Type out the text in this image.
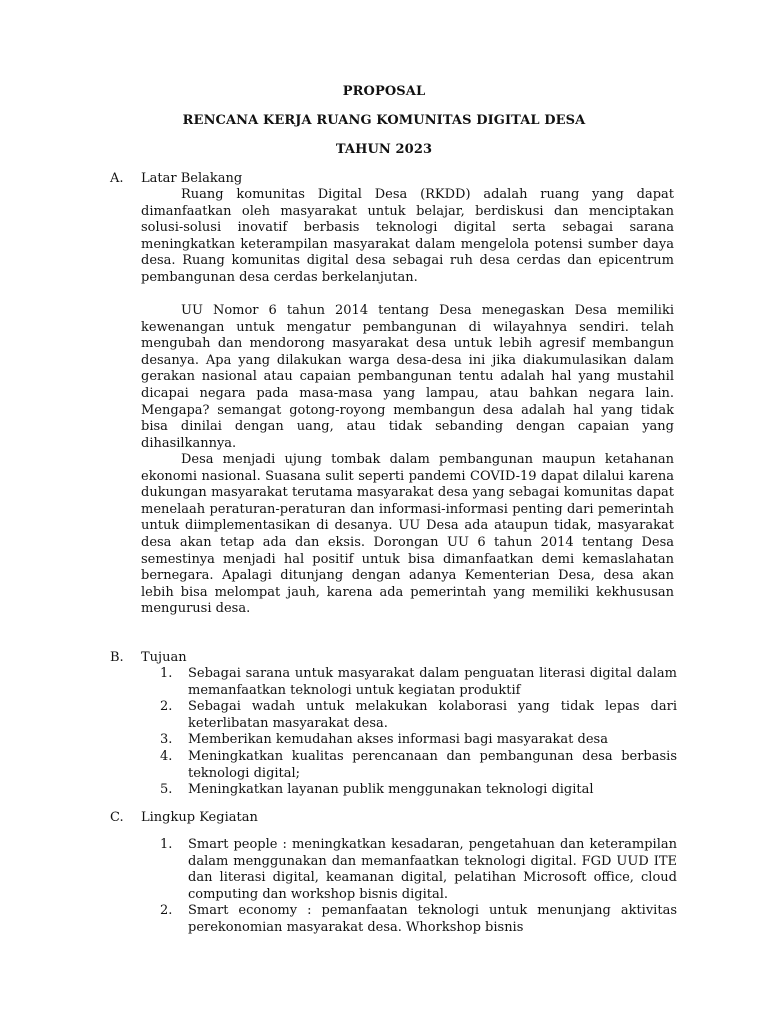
PROPOSAL
RENCANA KERJA RUANG KOMUNITAS DIGITAL DESA
TAHUN 2023
A. Latar Belakang

Ruang komunitas Digital Desa (RKDD) adalah ruang yang dapat dimanfaatkan oleh masyarakat untuk belajar, berdiskusi dan menciptakan solusi-solusi inovatif berbasis teknologi digital serta sebagai sarana meningkatkan keterampilan masyarakat dalam mengelola potensi sumber daya desa. Ruang komunitas digital desa sebagai ruh desa cerdas dan epicentrum pembangunan desa cerdas berkelanjutan.

UU Nomor 6 tahun 2014 tentang Desa menegaskan Desa memiliki kewenangan untuk mengatur pembangunan di wilayahnya sendiri. telah mengubah dan mendorong masyarakat desa untuk lebih agresif membangun desanya. Apa yang dilakukan warga desa-desa ini jika diakumulasikan dalam gerakan nasional atau capaian pembangunan tentu adalah hal yang mustahil dicapai negara pada masa-masa yang lampau, atau bahkan negara lain. Mengapa? semangat gotong-royong membangun desa adalah hal yang tidak bisa dinilai dengan uang, atau tidak sebanding dengan capaian yang dihasilkannya.

Desa menjadi ujung tombak dalam pembangunan maupun ketahanan ekonomi nasional. Suasana sulit seperti pandemi COVID-19 dapat dilalui karena dukungan masyarakat terutama masyarakat desa yang sebagai komunitas dapat menelaah peraturan-peraturan dan informasi-informasi penting dari pemerintah untuk diimplementasikan di desanya. UU Desa ada ataupun tidak, masyarakat desa akan tetap ada dan eksis. Dorongan UU 6 tahun 2014 tentang Desa semestinya menjadi hal positif untuk bisa dimanfaatkan demi kemaslahatan bernegara. Apalagi ditunjang dengan adanya Kementerian Desa, desa akan lebih bisa melompat jauh, karena ada pemerintah yang memiliki kekhususan mengurusi desa.

B. Tujuan
1. Sebagai sarana untuk masyarakat dalam penguatan literasi digital dalam memanfaatkan teknologi untuk kegiatan produktif
2. Sebagai wadah untuk melakukan kolaborasi yang tidak lepas dari keterlibatan masyarakat desa.
3. Memberikan kemudahan akses informasi bagi masyarakat desa
4. Meningkatkan kualitas perencanaan dan pembangunan desa berbasis teknologi digital;
5. Meningkatkan layanan publik menggunakan teknologi digital
C. Lingkup Kegiatan
1. Smart people : meningkatkan kesadaran, pengetahuan dan keterampilan dalam menggunakan dan memanfaatkan teknologi digital. FGD UUD ITE dan literasi digital, keamanan digital, pelatihan Microsoft office, cloud computing dan workshop bisnis digital.
2. Smart economy : pemanfaatan teknologi untuk menunjang aktivitas perekonomian masyarakat desa. Whorkshop bisnis
